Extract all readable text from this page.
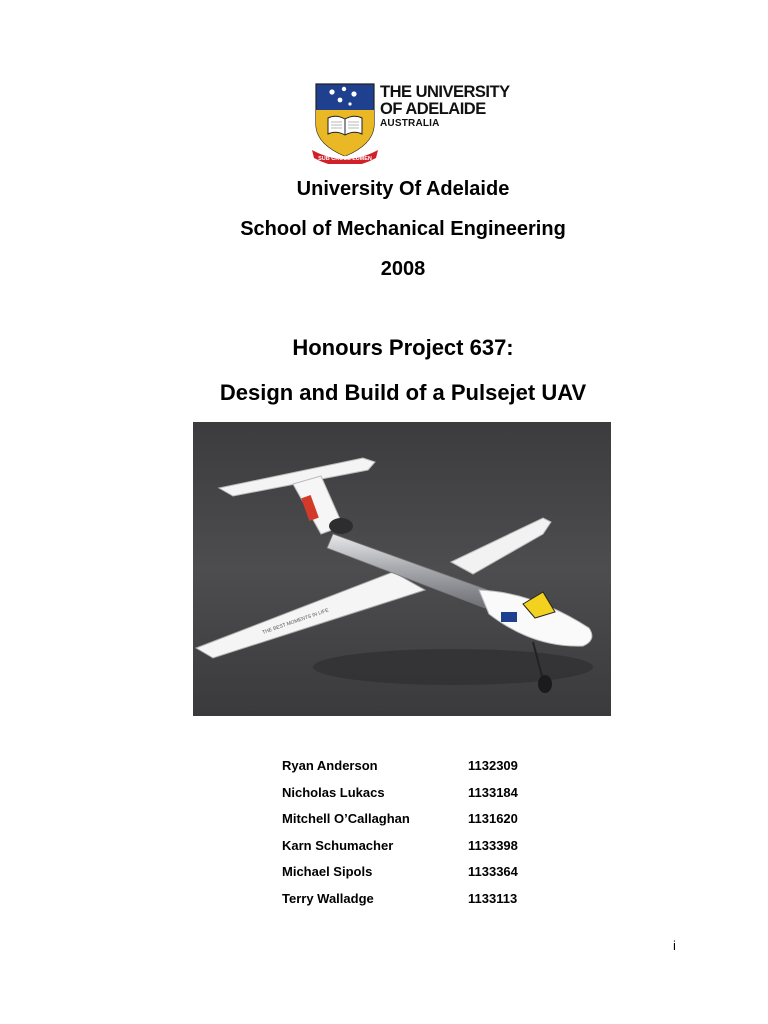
SUB CRUCE LUMEN
THE UNIVERSITY
OF ADELAIDE
AUSTRALIA
University Of Adelaide
School of Mechanical Engineering
2008
Honours Project 637:
Design and Build of a Pulsejet UAV
THE BEST MOMENTS IN LIFE
Ryan Anderson	1132309
Nicholas Lukacs	1133184
Mitchell O’Callaghan	1131620
Karn Schumacher	1133398
Michael Sipols	1133364
Terry Walladge	1133113
i
